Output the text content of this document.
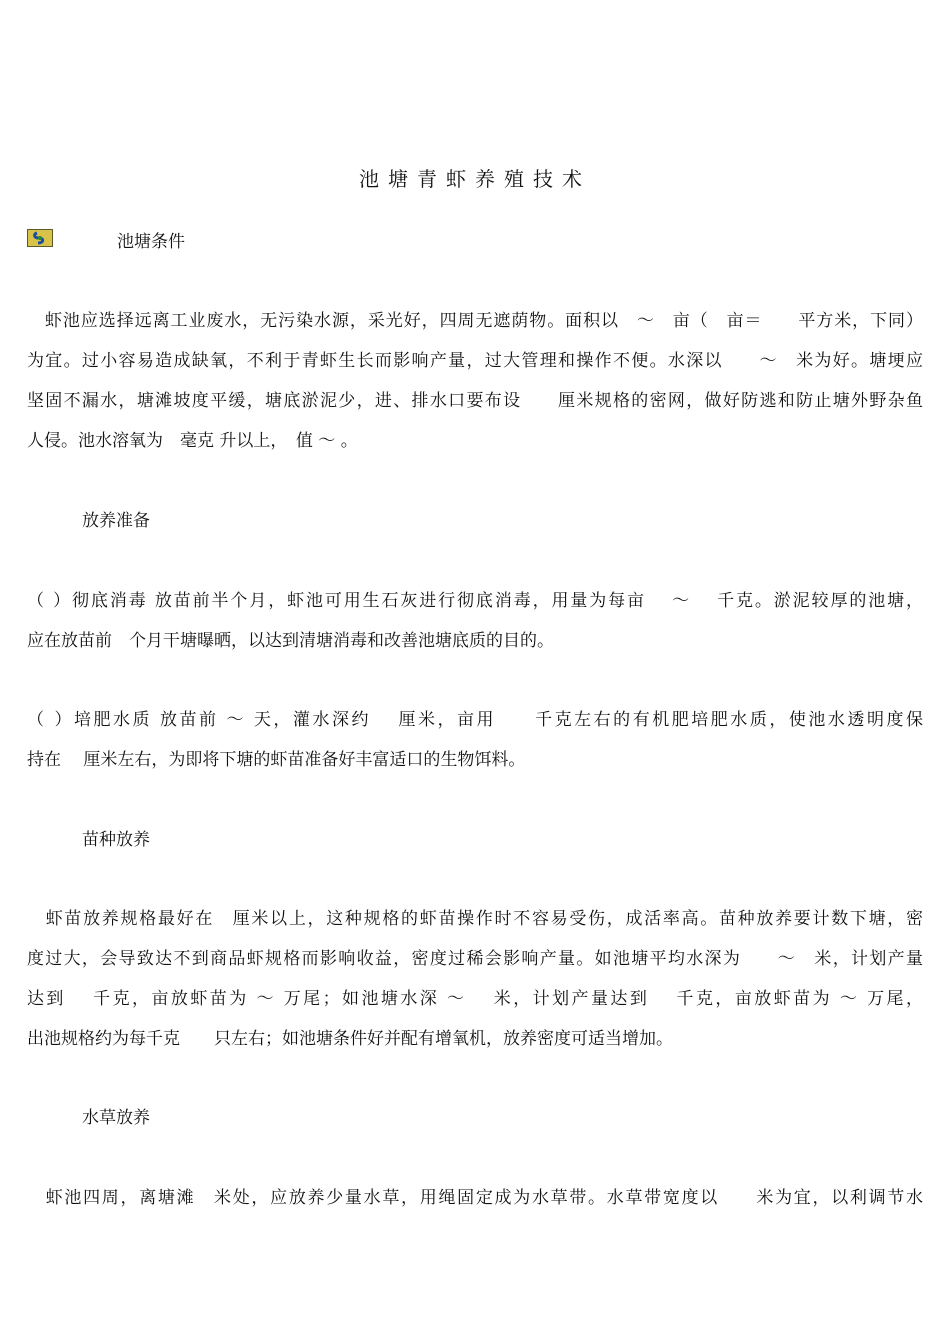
池塘青虾养殖技术
池塘条件
　虾池应选择远离工业废水，无污染水源，采光好，四周无遮荫物。面积以　～　亩（　亩＝　　平方米，下同）
为宜。过小容易造成缺氧，不利于青虾生长而影响产量，过大管理和操作不便。水深以　　～　米为好。塘埂应
坚固不漏水，塘滩坡度平缓，塘底淤泥少，进、排水口要布设　　厘米规格的密网，做好防逃和防止塘外野杂鱼
人侵。池水溶氧为　毫克 升以上，　值 ～ 。
放养准备
（ ）彻底消毒 放苗前半个月，虾池可用生石灰进行彻底消毒，用量为每亩　 ～　 千克。淤泥较厚的池塘，
应在放苗前　个月干塘曝晒，以达到清塘消毒和改善池塘底质的目的。
（ ）培肥水质 放苗前 ～ 天，灌水深约　 厘米，亩用　　千克左右的有机肥培肥水质，使池水透明度保
持在　 厘米左右，为即将下塘的虾苗准备好丰富适口的生物饵料。
苗种放养
　虾苗放养规格最好在　厘米以上，这种规格的虾苗操作时不容易受伤，成活率高。苗种放养要计数下塘，密
度过大，会导致达不到商品虾规格而影响收益，密度过稀会影响产量。如池塘平均水深为　　～　米，计划产量
达到　 千克，亩放虾苗为 ～ 万尾；如池塘水深 ～　 米，计划产量达到　 千克，亩放虾苗为 ～ 万尾，
出池规格约为每千克　　只左右；如池塘条件好并配有增氧机，放养密度可适当增加。
水草放养
　虾池四周，离塘滩　米处，应放养少量水草，用绳固定成为水草带。水草带宽度以　　米为宜，以利调节水
